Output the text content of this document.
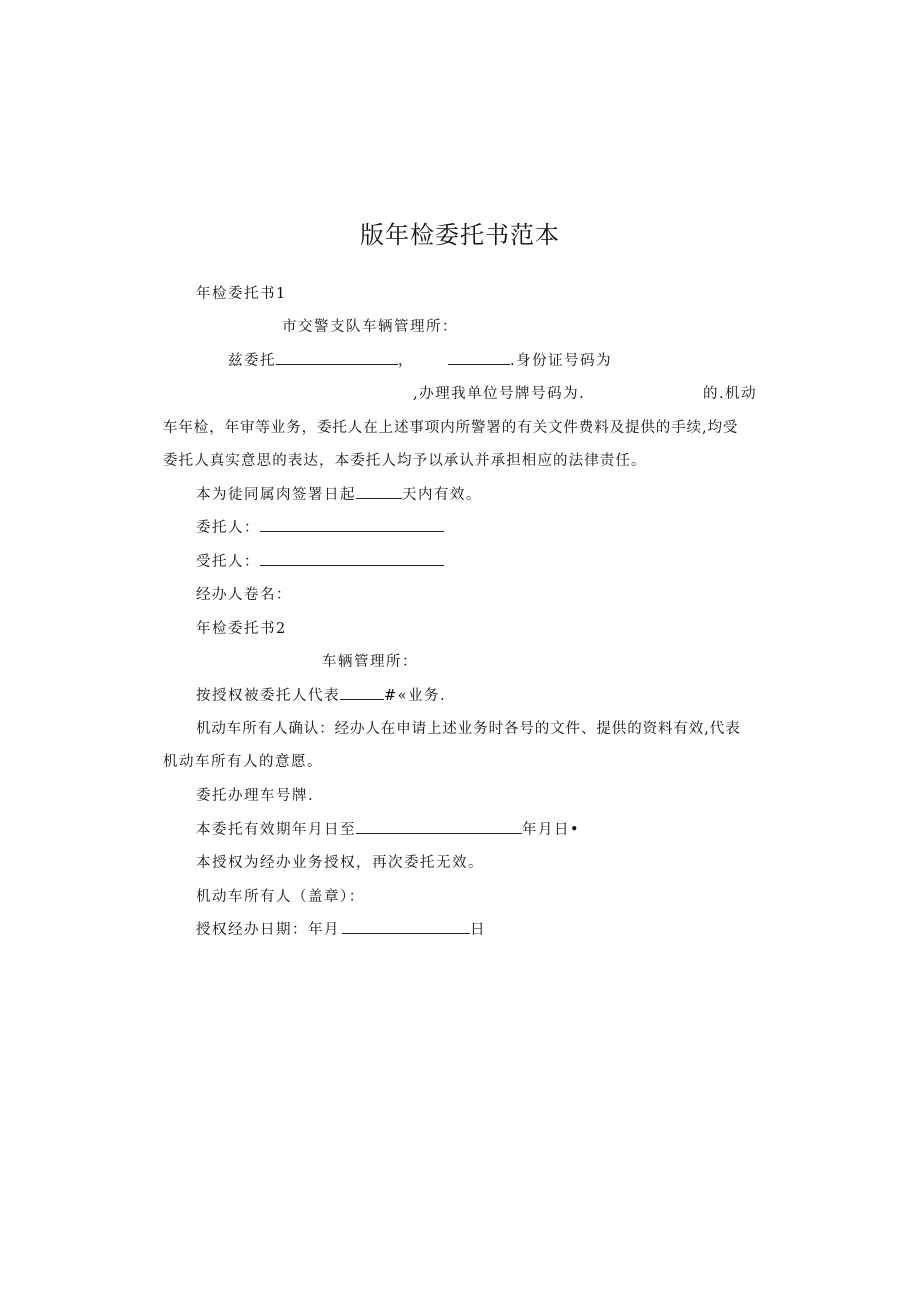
版年检委托书范本
年检委托书1
市交警支队车辆管理所：
兹委托	，	.身份证号码为
,办理我单位号牌号码为.	的.机动
车年检，年审等业务，委托人在上述事项内所警署的有关文件费料及提供的手续,均受
委托人真实意思的表达，本委托人均予以承认并承担相应的法律责任。
本为徒同属肉签署日起	天内有效。
委托人：
受托人：
经办人卷名：
年检委托书2
车辆管理所：
按授权被委托人代表	#«业务.
机动车所有人确认：经办人在申请上述业务时各号的文件、提供的资料有效,代表
机动车所有人的意愿。
委托办理车号牌.
本委托有效期年月日至	年月日•
本授权为经办业务授权，再次委托无效。
机动车所有人（盖章）：
授权经办日期：年月	日
